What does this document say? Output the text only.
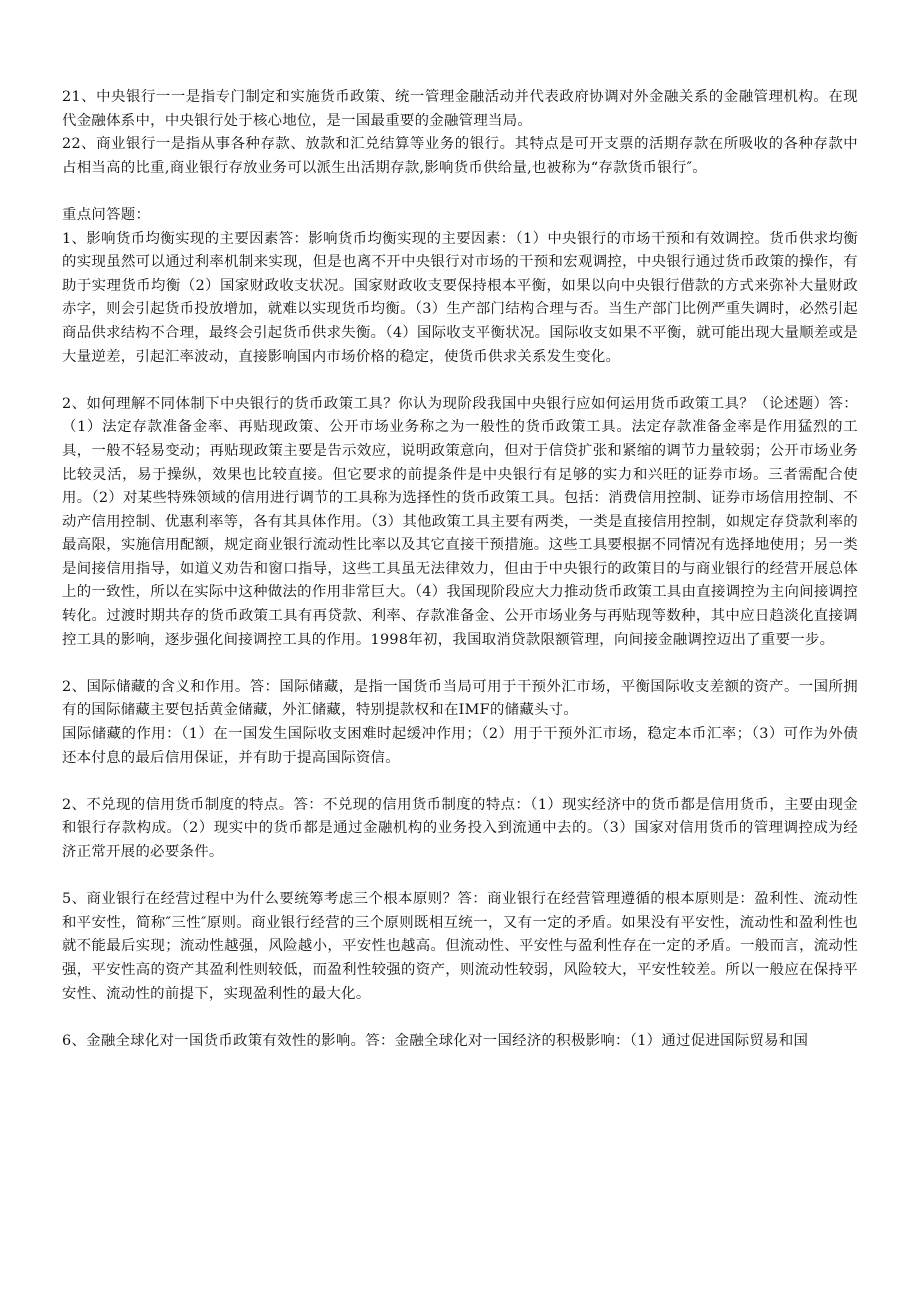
21、中央银行一一是指专门制定和实施货币政策、统一管理金融活动并代表政府协调对外金融关系的金融管理机构。在现代金融体系中，中央银行处于核心地位，是一国最重要的金融管理当局。

22、商业银行一是指从事各种存款、放款和汇兑结算等业务的银行。其特点是可开支票的活期存款在所吸收的各种存款中占相当高的比重,商业银行存放业务可以派生出活期存款,影响货币供给量,也被称为“存款货币银行″。

重点问答题：

1、影响货币均衡实现的主要因素答：影响货币均衡实现的主要因素：（1）中央银行的市场干预和有效调控。货币供求均衡的实现虽然可以通过利率机制来实现，但是也离不开中央银行对市场的干预和宏观调控，中央银行通过货币政策的操作，有助于实理货币均衡（2）国家财政收支状况。国家财政收支要保持根本平衡，如果以向中央银行借款的方式来弥补大量财政赤字，则会引起货币投放增加，就难以实现货币均衡。（3）生产部门结构合理与否。当生产部门比例严重失调时，必然引起商品供求结构不合理，最终会引起货币供求失衡。（4）国际收支平衡状况。国际收支如果不平衡，就可能出现大量顺差或是大量逆差，引起汇率波动，直接影响国内市场价格的稳定，使货币供求关系发生变化。

2、如何理解不同体制下中央银行的货币政策工具？你认为现阶段我国中央银行应如何运用货币政策工具？（论述题）答：（1）法定存款准备金率、再贴现政策、公开市场业务称之为一般性的货币政策工具。法定存款准备金率是作用猛烈的工具，一般不轻易变动；再贴现政策主要是告示效应，说明政策意向，但对于信贷扩张和紧缩的调节力量较弱；公开市场业务比较灵活，易于操纵，效果也比较直接。但它要求的前提条件是中央银行有足够的实力和兴旺的证券市场。三者需配合使用。（2）对某些特殊领域的信用进行调节的工具称为选择性的货币政策工具。包括：消费信用控制、证券市场信用控制、不动产信用控制、优惠利率等，各有其具体作用。（3）其他政策工具主要有两类，一类是直接信用控制，如规定存贷款利率的最高限，实施信用配额，规定商业银行流动性比率以及其它直接干预措施。这些工具要根据不同情况有选择地使用；另一类是间接信用指导，如道义劝告和窗口指导，这些工具虽无法律效力，但由于中央银行的政策目的与商业银行的经营开展总体上的一致性，所以在实际中这种做法的作用非常巨大。（4）我国现阶段应大力推动货币政策工具由直接调控为主向间接调控转化。过渡时期共存的货币政策工具有再贷款、利率、存款准备金、公开市场业务与再贴现等数种，其中应日趋淡化直接调控工具的影响，逐步强化间接调控工具的作用。1998年初，我国取消贷款限额管理，向间接金融调控迈出了重要一步。

2、国际储藏的含义和作用。答：国际储藏，是指一国货币当局可用于干预外汇市场，平衡国际收支差额的资产。一国所拥有的国际储藏主要包括黄金储藏，外汇储藏，特别提款权和在IMF的储藏头寸。

国际储藏的作用：（1）在一国发生国际收支困难时起缓冲作用；（2）用于干预外汇市场，稳定本币汇率；（3）可作为外债还本付息的最后信用保证，并有助于提高国际资信。

2、不兑现的信用货币制度的特点。答：不兑现的信用货币制度的特点：（1）现实经济中的货币都是信用货币，主要由现金和银行存款构成。（2）现实中的货币都是通过金融机构的业务投入到流通中去的。（3）国家对信用货币的管理调控成为经济正常开展的必要条件。

5、商业银行在经营过程中为什么要统筹考虑三个根本原则？答：商业银行在经营管理遵循的根本原则是：盈利性、流动性和平安性，简称″三性″原则。商业银行经营的三个原则既相互统一，又有一定的矛盾。如果没有平安性，流动性和盈利性也就不能最后实现；流动性越强，风险越小，平安性也越高。但流动性、平安性与盈利性存在一定的矛盾。一般而言，流动性强，平安性高的资产其盈利性则较低，而盈利性较强的资产，则流动性较弱，风险较大，平安性较差。所以一般应在保持平安性、流动性的前提下，实现盈利性的最大化。

6、金融全球化对一国货币政策有效性的影响。答：金融全球化对一国经济的积极影响：（1）通过促进国际贸易和国
